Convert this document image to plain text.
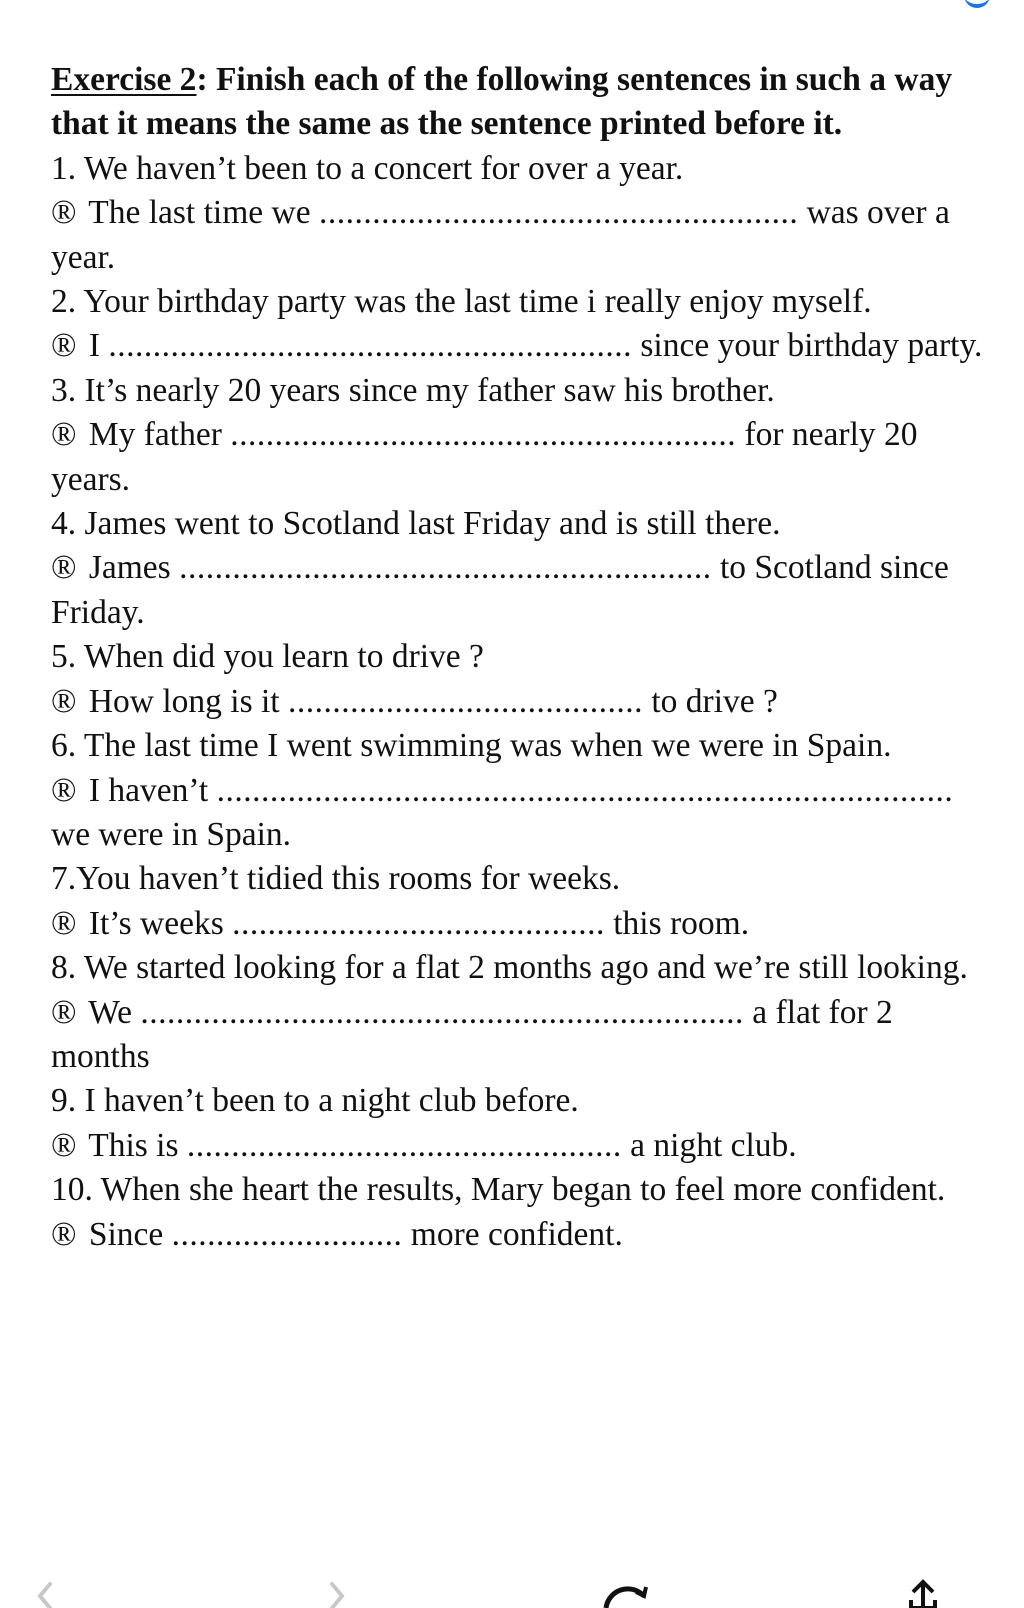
Exercise 2: Finish each of the following sentences in such a way that it means the same as the sentence printed before it.

1. We haven’t been to a concert for over a year.

® The last time we ...................................................... was over a year.

2. Your birthday party was the last time i really enjoy myself.

® I ........................................................... since your birthday party.

3. It’s nearly 20 years since my father saw his brother.

® My father ......................................................... for nearly 20 years.

4. James went to Scotland last Friday and is still there.

® James ............................................................ to Scotland since Friday.

5. When did you learn to drive ?

® How long is it ........................................ to drive ?

6. The last time I went swimming was when we were in Spain.

® I haven’t ................................................................................... we were in Spain.

7.You haven’t tidied this rooms for weeks.

® It’s weeks .......................................... this room.

8. We started looking for a flat 2 months ago and we’re still looking.

® We .................................................................... a flat for 2 months

9. I haven’t been to a night club before.

® This is ................................................. a night club.

10. When she heart the results, Mary began to feel more confident.

® Since .......................... more confident.
